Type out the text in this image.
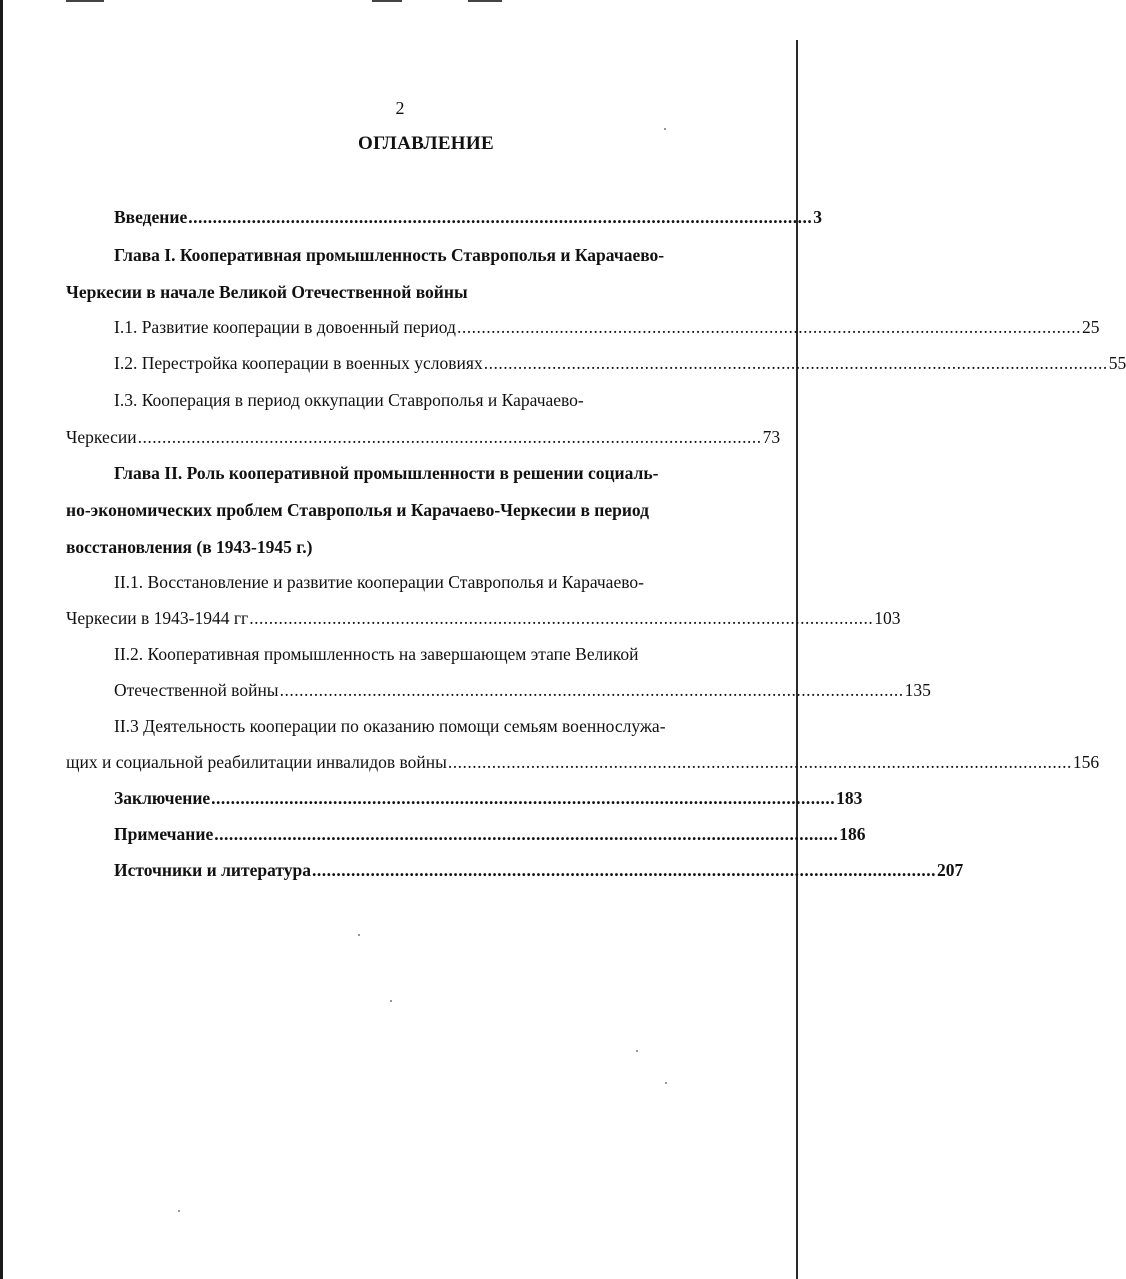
2
ОГЛАВЛЕНИЕ
Введение ................................................................................................................................ 3
Глава I. Кооперативная промышленность Ставрополья и Карачаево-
Черкесии в начале Великой Отечественной войны
I.1. Развитие кооперации в довоенный период ................................................................................................................................ 25
I.2. Перестройка кооперации в военных условиях ................................................................................................................................ 55
I.3. Кооперация в период оккупации Ставрополья и Карачаево-
Черкесии ................................................................................................................................ 73
Глава II. Роль кооперативной промышленности в решении социаль-
но-экономических проблем Ставрополья и Карачаево-Черкесии в период
восстановления (в 1943-1945 г.)
II.1. Восстановление и развитие кооперации Ставрополья и Карачаево-
Черкесии в 1943-1944 гг ................................................................................................................................ 103
II.2. Кооперативная промышленность на завершающем этапе Великой
Отечественной войны ................................................................................................................................ 135
II.3 Деятельность кооперации по оказанию помощи семьям военнослужа-
щих и социальной реабилитации инвалидов войны ................................................................................................................................ 156
Заключение ................................................................................................................................ 183
Примечание ................................................................................................................................ 186
Источники и литература ................................................................................................................................ 207
